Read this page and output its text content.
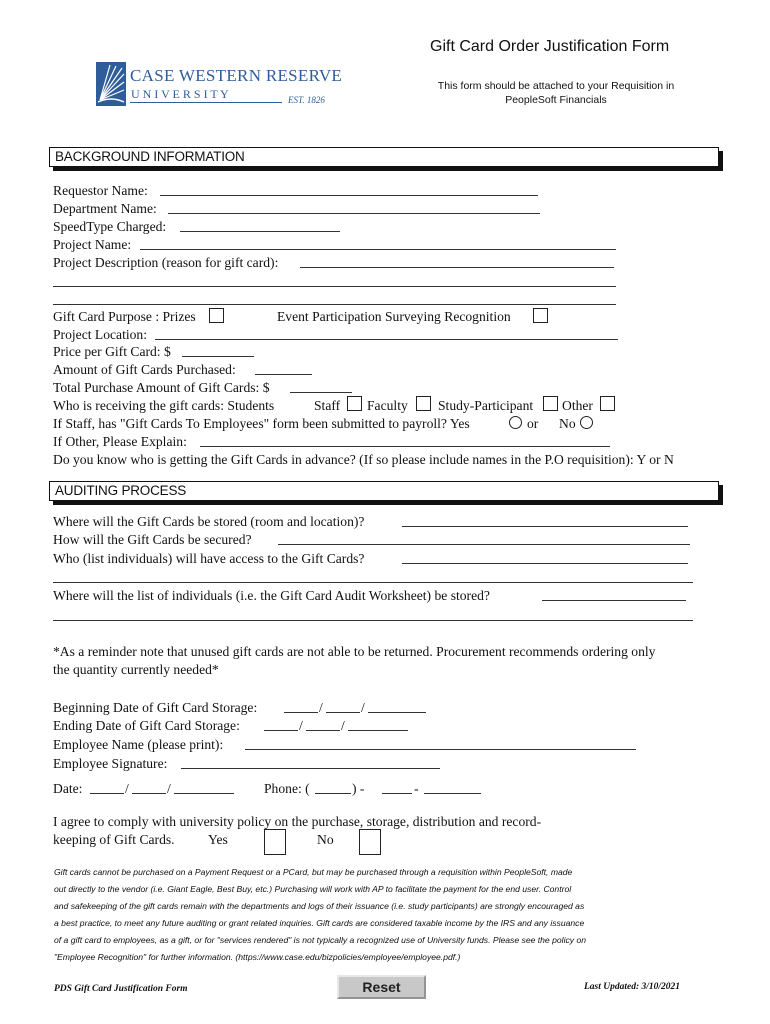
CASE WESTERN RESERVE
U N I V E R S I T Y	EST. 1826
Gift Card Order Justification Form
This form should be attached to your Requisition in
PeopleSoft Financials
BACKGROUND INFORMATION
Requestor Name:
Department Name:
SpeedType Charged:
Project Name:
Project Description (reason for gift card):
Gift Card Purpose : Prizes	Event Participation Surveying Recognition
Project Location:
Price per Gift Card: $
Amount of Gift Cards Purchased:
Total Purchase Amount of Gift Cards: $
Who is receiving the gift cards: Students	Staff Faculty Study-Participant Other
If Staff, has "Gift Cards To Employees" form been submitted to payroll? Yes	or No
If Other, Please Explain:
Do you know who is getting the Gift Cards in advance? (If so please include names in the P.O requisition): Y or N
AUDITING PROCESS
Where will the Gift Cards be stored (room and location)?
How will the Gift Cards be secured?
Who (list individuals) will have access to the Gift Cards?
Where will the list of individuals (i.e. the Gift Card Audit Worksheet) be stored?
*As a reminder note that unused gift cards are not able to be returned. Procurement recommends ordering only
the quantity currently needed*
Beginning Date of Gift Card Storage:	/	/
Ending Date of Gift Card Storage:	/	/
Employee Name (please print):
Employee Signature:
Date:	/	/	Phone: (	) -	-
I agree to comply with university policy on the purchase, storage, distribution and record-
keeping of Gift Cards. Yes	No
Gift cards cannot be purchased on a Payment Request or a PCard, but may be purchased through a requisition within PeopleSoft, made
out directly to the vendor (i.e. Giant Eagle, Best Buy, etc.) Purchasing will work with AP to facilitate the payment for the end user. Control
and safekeeping of the gift cards remain with the departments and logs of their issuance (i.e. study participants) are strongly encouraged as
a best practice, to meet any future auditing or grant related inquiries. Gift cards are considered taxable income by the IRS and any issuance
of a gift card to employees, as a gift, or for "services rendered" is not typically a recognized use of University funds. Please see the policy on
"Employee Recognition" for further information. (https://www.case.edu/bizpolicies/employee/employee.pdf.)
PDS Gift Card Justification Form	Reset	Last Updated: 3/10/2021
